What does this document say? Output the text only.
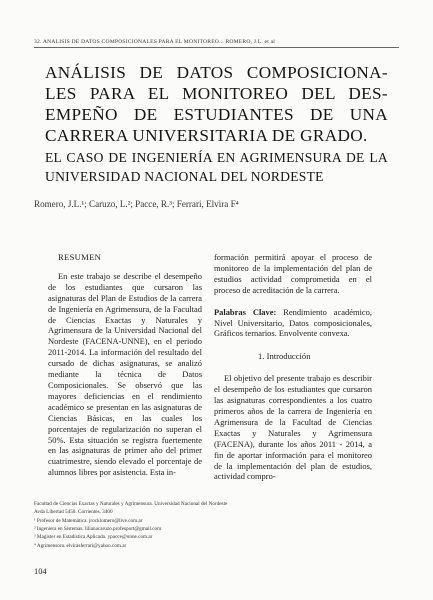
32. ANÁLISIS DE DATOS COMPOSICIONALES PARA EL MONITOREO... ROMERO, J.L. et al
ANÁLISIS DE DATOS COMPOSICIONA-LES PARA EL MONITOREO DEL DES-EMPEÑO DE ESTUDIANTES DE UNA CARRERA UNIVERSITARIA DE GRADO.
EL CASO DE INGENIERÍA EN AGRIMENSURA DE LA UNIVERSIDAD NACIONAL DEL NORDESTE
Romero, J.L.¹; Caruzo, L.²; Pacce, R.³; Ferrari, Elvira F⁴
RESUMEN

En este trabajo se describe el desempeño de los estudiantes que cursaron las asignaturas del Plan de Estudios de la carrera de Ingeniería en Agrimensura, de la Facultad de Ciencias Exactas y Naturales y Agrimensura de la Universidad Nacional del Nordeste (FACENA-UNNE), en el periodo 2011-2014. La información del resultado del cursado de dichas asignaturas, se analizó mediante la técnica de Datos Composicionales. Se observó que las mayores deficiencias en el rendimiento académico se presentan en las asignaturas de Ciencias Básicas, en las cuales los porcentajes de regularización no superan el 50%. Esta situación se registra fuertemente en las asignaturas de primer año del primer cuatrimestre, siendo elevado el porcentaje de alumnos libres por asistencia. Esta in-

formación permitirá apoyar el proceso de monitoreo de la implementación del plan de estudios actividad comprometida en el proceso de acreditación de la carrera.

Palabras Clave: Rendimiento académico, Nivel Universitario, Datos composicionales, Gráficos ternarios. Envolvente convexa.

1. Introducción

El objetivo del presente trabajo es describir el desempeño de los estudiantes que cursaron las asignaturas correspondientes a los cuatro primeros años de la carrera de Ingeniería en Agrimensura de la Facultad de Ciencias Exactas y Naturales y Agrimensura (FACENA), durante los años 2011 - 2014, a fin de aportar información para el monitoreo de la implementación del plan de estudios, actividad compro-

Facultad de Ciencias Exactas y Naturales y Agrimensura. Universidad Nacional del Nordeste
Avda Libertad 5450. Corrientes. 3400
¹ Profesor de Matemática. jrocklomero@live.com.ar
² Ingeniera en Sistemas. lilianacaruzo.profesport@gmail.com
³ Magister en Estadística Aplicada. ypacce@unne.com.ar
⁴ Agrimensora. elvirasferrari@yahoo.com.ar
104
